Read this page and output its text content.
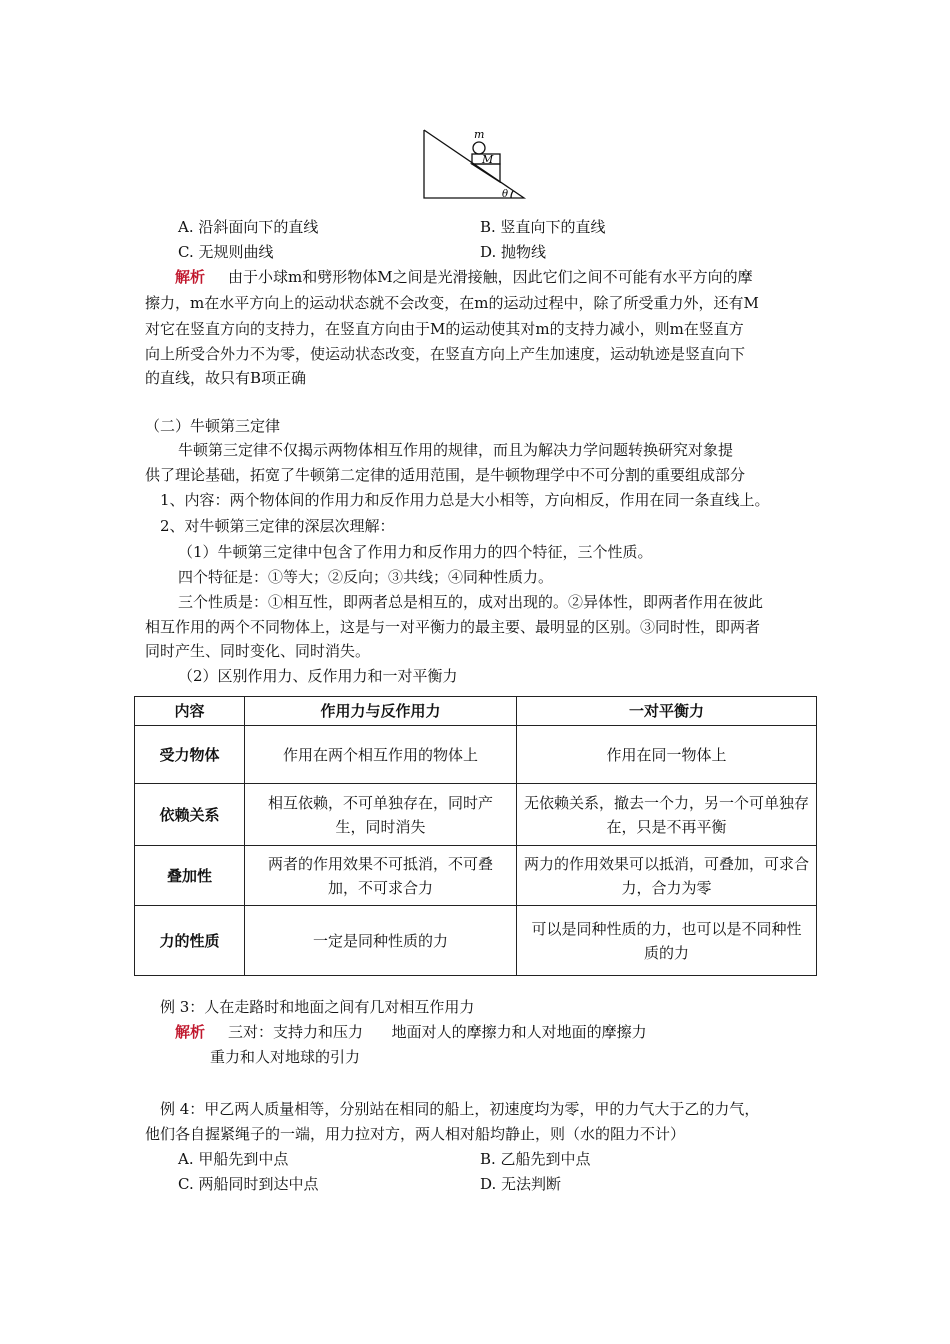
m
M
θ
A. 沿斜面向下的直线	B. 竖直向下的直线
C. 无规则曲线	D. 抛物线
解析 由于小球m和劈形物体M之间是光滑接触，因此它们之间不可能有水平方向的摩
擦力，m在水平方向上的运动状态就不会改变，在m的运动过程中，除了所受重力外，还有M
对它在竖直方向的支持力，在竖直方向由于M的运动使其对m的支持力减小，则m在竖直方
向上所受合外力不为零，使运动状态改变，在竖直方向上产生加速度，运动轨迹是竖直向下
的直线，故只有B项正确
（二）牛顿第三定律
牛顿第三定律不仅揭示两物体相互作用的规律，而且为解决力学问题转换研究对象提
供了理论基础，拓宽了牛顿第二定律的适用范围，是牛顿物理学中不可分割的重要组成部分
1、内容：两个物体间的作用力和反作用力总是大小相等，方向相反，作用在同一条直线上。
2、对牛顿第三定律的深层次理解：
（1）牛顿第三定律中包含了作用力和反作用力的四个特征，三个性质。
四个特征是：①等大；②反向；③共线；④同种性质力。
三个性质是：①相互性，即两者总是相互的，成对出现的。②异体性，即两者作用在彼此
相互作用的两个不同物体上，这是与一对平衡力的最主要、最明显的区别。③同时性，即两者
同时产生、同时变化、同时消失。
（2）区别作用力、反作用力和一对平衡力
内容	作用力与反作用力	一对平衡力
受力物体	作用在两个相互作用的物体上	作用在同一物体上
依赖关系	相互依赖，不可单独存在，同时产生，同时消失	无依赖关系，撤去一个力，另一个可单独存在，只是不再平衡
叠加性	两者的作用效果不可抵消，不可叠加，不可求合力	两力的作用效果可以抵消，可叠加，可求合力，合力为零
力的性质	一定是同种性质的力	可以是同种性质的力，也可以是不同种性质的力
例 3：人在走路时和地面之间有几对相互作用力
解析 三对：支持力和压力      地面对人的摩擦力和人对地面的摩擦力
重力和人对地球的引力
例 4：甲乙两人质量相等，分别站在相同的船上，初速度均为零，甲的力气大于乙的力气，
他们各自握紧绳子的一端，用力拉对方，两人相对船均静止，则（水的阻力不计）
A. 甲船先到中点	B. 乙船先到中点
C. 两船同时到达中点	D. 无法判断
